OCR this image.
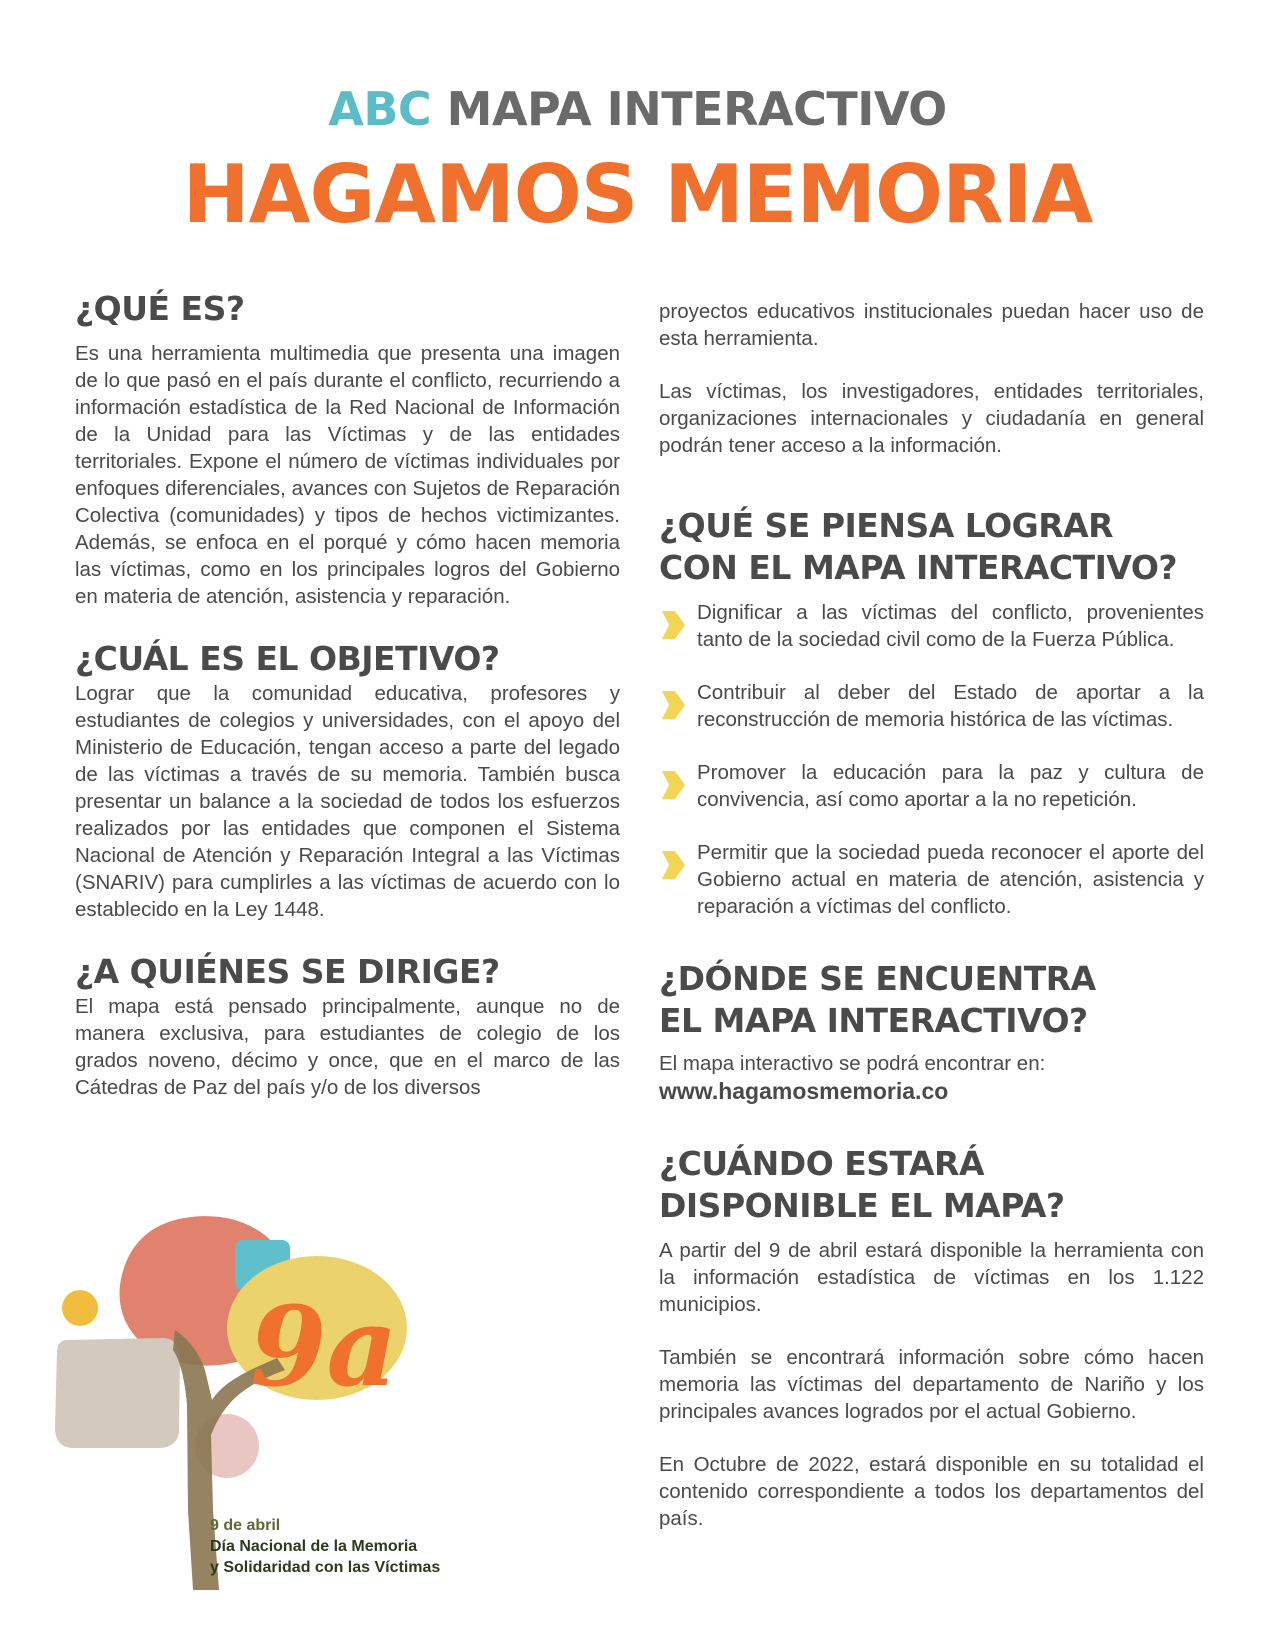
ABC MAPA INTERACTIVO
HAGAMOS MEMORIA
¿QUÉ ES?

Es una herramienta multimedia que presenta una imagen de lo que pasó en el país durante el conflicto, recurriendo a información estadística de la Red Nacional de Información de la Unidad para las Víctimas y de las entidades territoriales. Expone el número de víctimas individuales por enfoques diferenciales, avances con Sujetos de Reparación Colectiva (comunidades) y tipos de hechos victimizantes. Además, se enfoca en el porqué y cómo hacen memoria las víctimas, como en los principales logros del Gobierno en materia de atención, asistencia y reparación.

¿CUÁL ES EL OBJETIVO?

Lograr que la comunidad educativa, profesores y estudiantes de colegios y universidades, con el apoyo del Ministerio de Educación, tengan acceso a parte del legado de las víctimas a través de su memoria. También busca presentar un balance a la sociedad de todos los esfuerzos realizados por las entidades que componen el Sistema Nacional de Atención y Reparación Integral a las Víctimas (SNARIV) para cumplirles a las víctimas de acuerdo con lo establecido en la Ley 1448.

¿A QUIÉNES SE DIRIGE?

El mapa está pensado principalmente, aunque no de manera exclusiva, para estudiantes de colegio de los grados noveno, décimo y once, que en el marco de las Cátedras de Paz del país y/o de los diversos

proyectos educativos institucionales puedan hacer uso de esta herramienta.

Las víctimas, los investigadores, entidades territoriales, organizaciones internacionales y ciudadanía en general podrán tener acceso a la información.

¿QUÉ SE PIENSA LOGRAR
CON EL MAPA INTERACTIVO?

Dignificar a las víctimas del conflicto, provenientes tanto de la sociedad civil como de la Fuerza Pública.

Contribuir al deber del Estado de aportar a la reconstrucción de memoria histórica de las víctimas.

Promover la educación para la paz y cultura de convivencia, así como aportar a la no repetición.

Permitir que la sociedad pueda reconocer el aporte del Gobierno actual en materia de atención, asistencia y reparación a víctimas del conflicto.

¿DÓNDE SE ENCUENTRA
EL MAPA INTERACTIVO?

El mapa interactivo se podrá encontrar en:

www.hagamosmemoria.co
¿CUÁNDO ESTARÁ
DISPONIBLE EL MAPA?

A partir del 9 de abril estará disponible la herramienta con la información estadística de víctimas en los 1.122 municipios.

También se encontrará información sobre cómo hacen memoria las víctimas del departamento de Nariño y los principales avances logrados por el actual Gobierno.

En Octubre de 2022, estará disponible en su totalidad el contenido correspondiente a todos los departamentos del país.

9a
9 de abril
Día Nacional de la Memoria
y Solidaridad con las Víctimas
